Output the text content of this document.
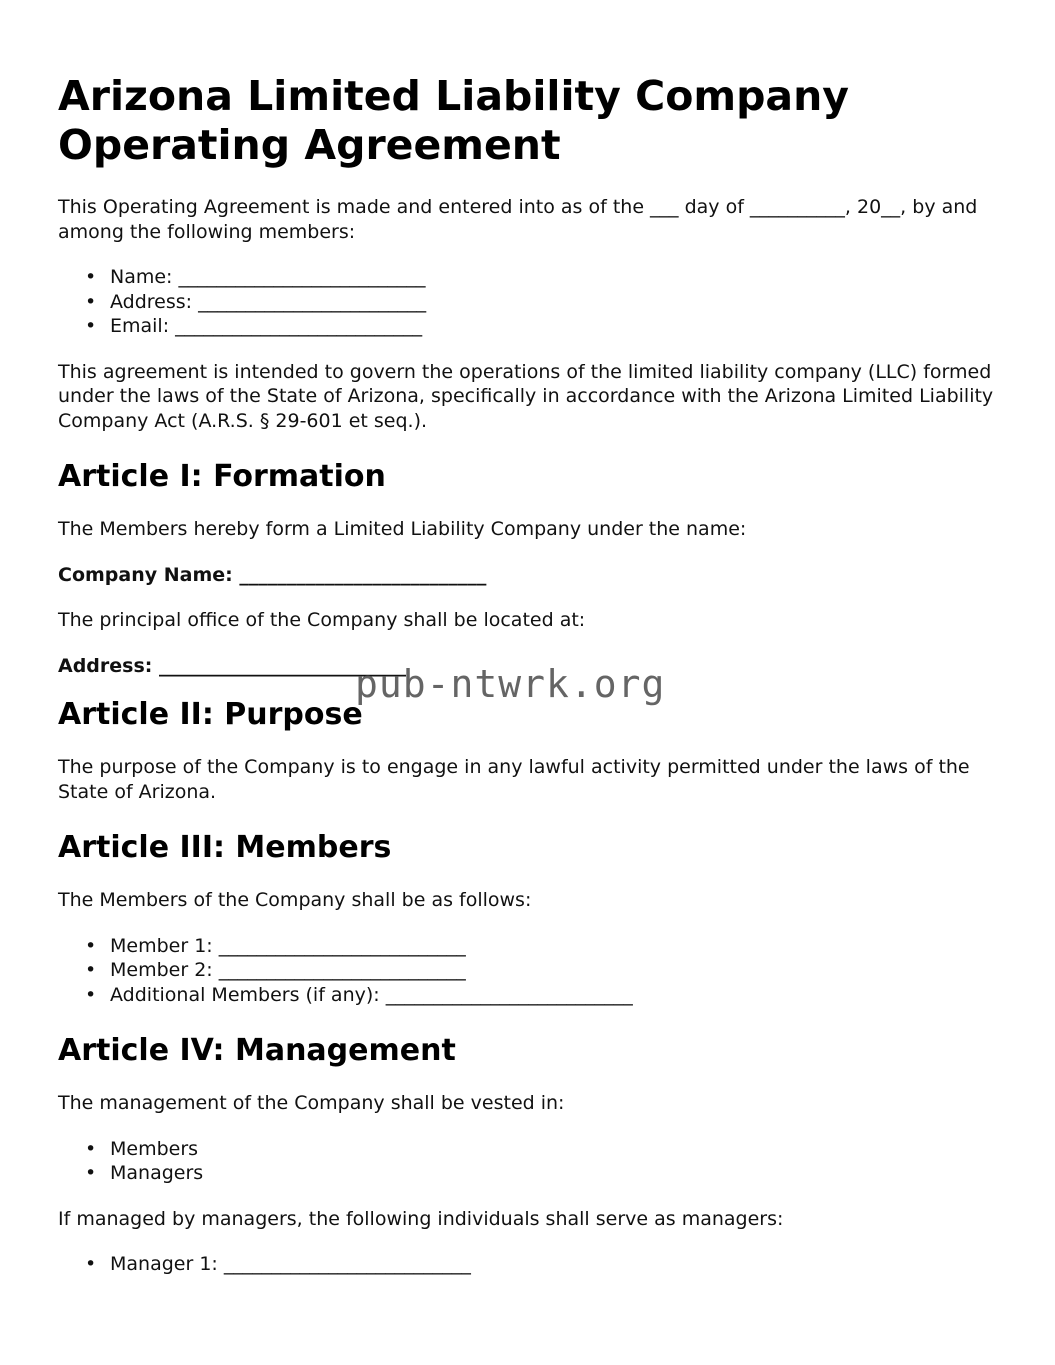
Arizona Limited Liability Company Operating Agreement

This Operating Agreement is made and entered into as of the ___ day of __________, 20__, by and among the following members:

• Name: __________________________
• Address: ________________________
• Email: __________________________

This agreement is intended to govern the operations of the limited liability company (LLC) formed under the laws of the State of Arizona, specifically in accordance with the Arizona Limited Liability Company Act (A.R.S. § 29-601 et seq.).

Article I: Formation

The Members hereby form a Limited Liability Company under the name:

Company Name: __________________________

The principal office of the Company shall be located at:

Address: __________________________

Article II: Purpose

The purpose of the Company is to engage in any lawful activity permitted under the laws of the State of Arizona.

Article III: Members

The Members of the Company shall be as follows:

• Member 1: __________________________
• Member 2: __________________________
• Additional Members (if any): __________________________
Article IV: Management

The management of the Company shall be vested in:

• Members
• Managers

If managed by managers, the following individuals shall serve as managers:

• Manager 1: __________________________
pub-ntwrk.org
